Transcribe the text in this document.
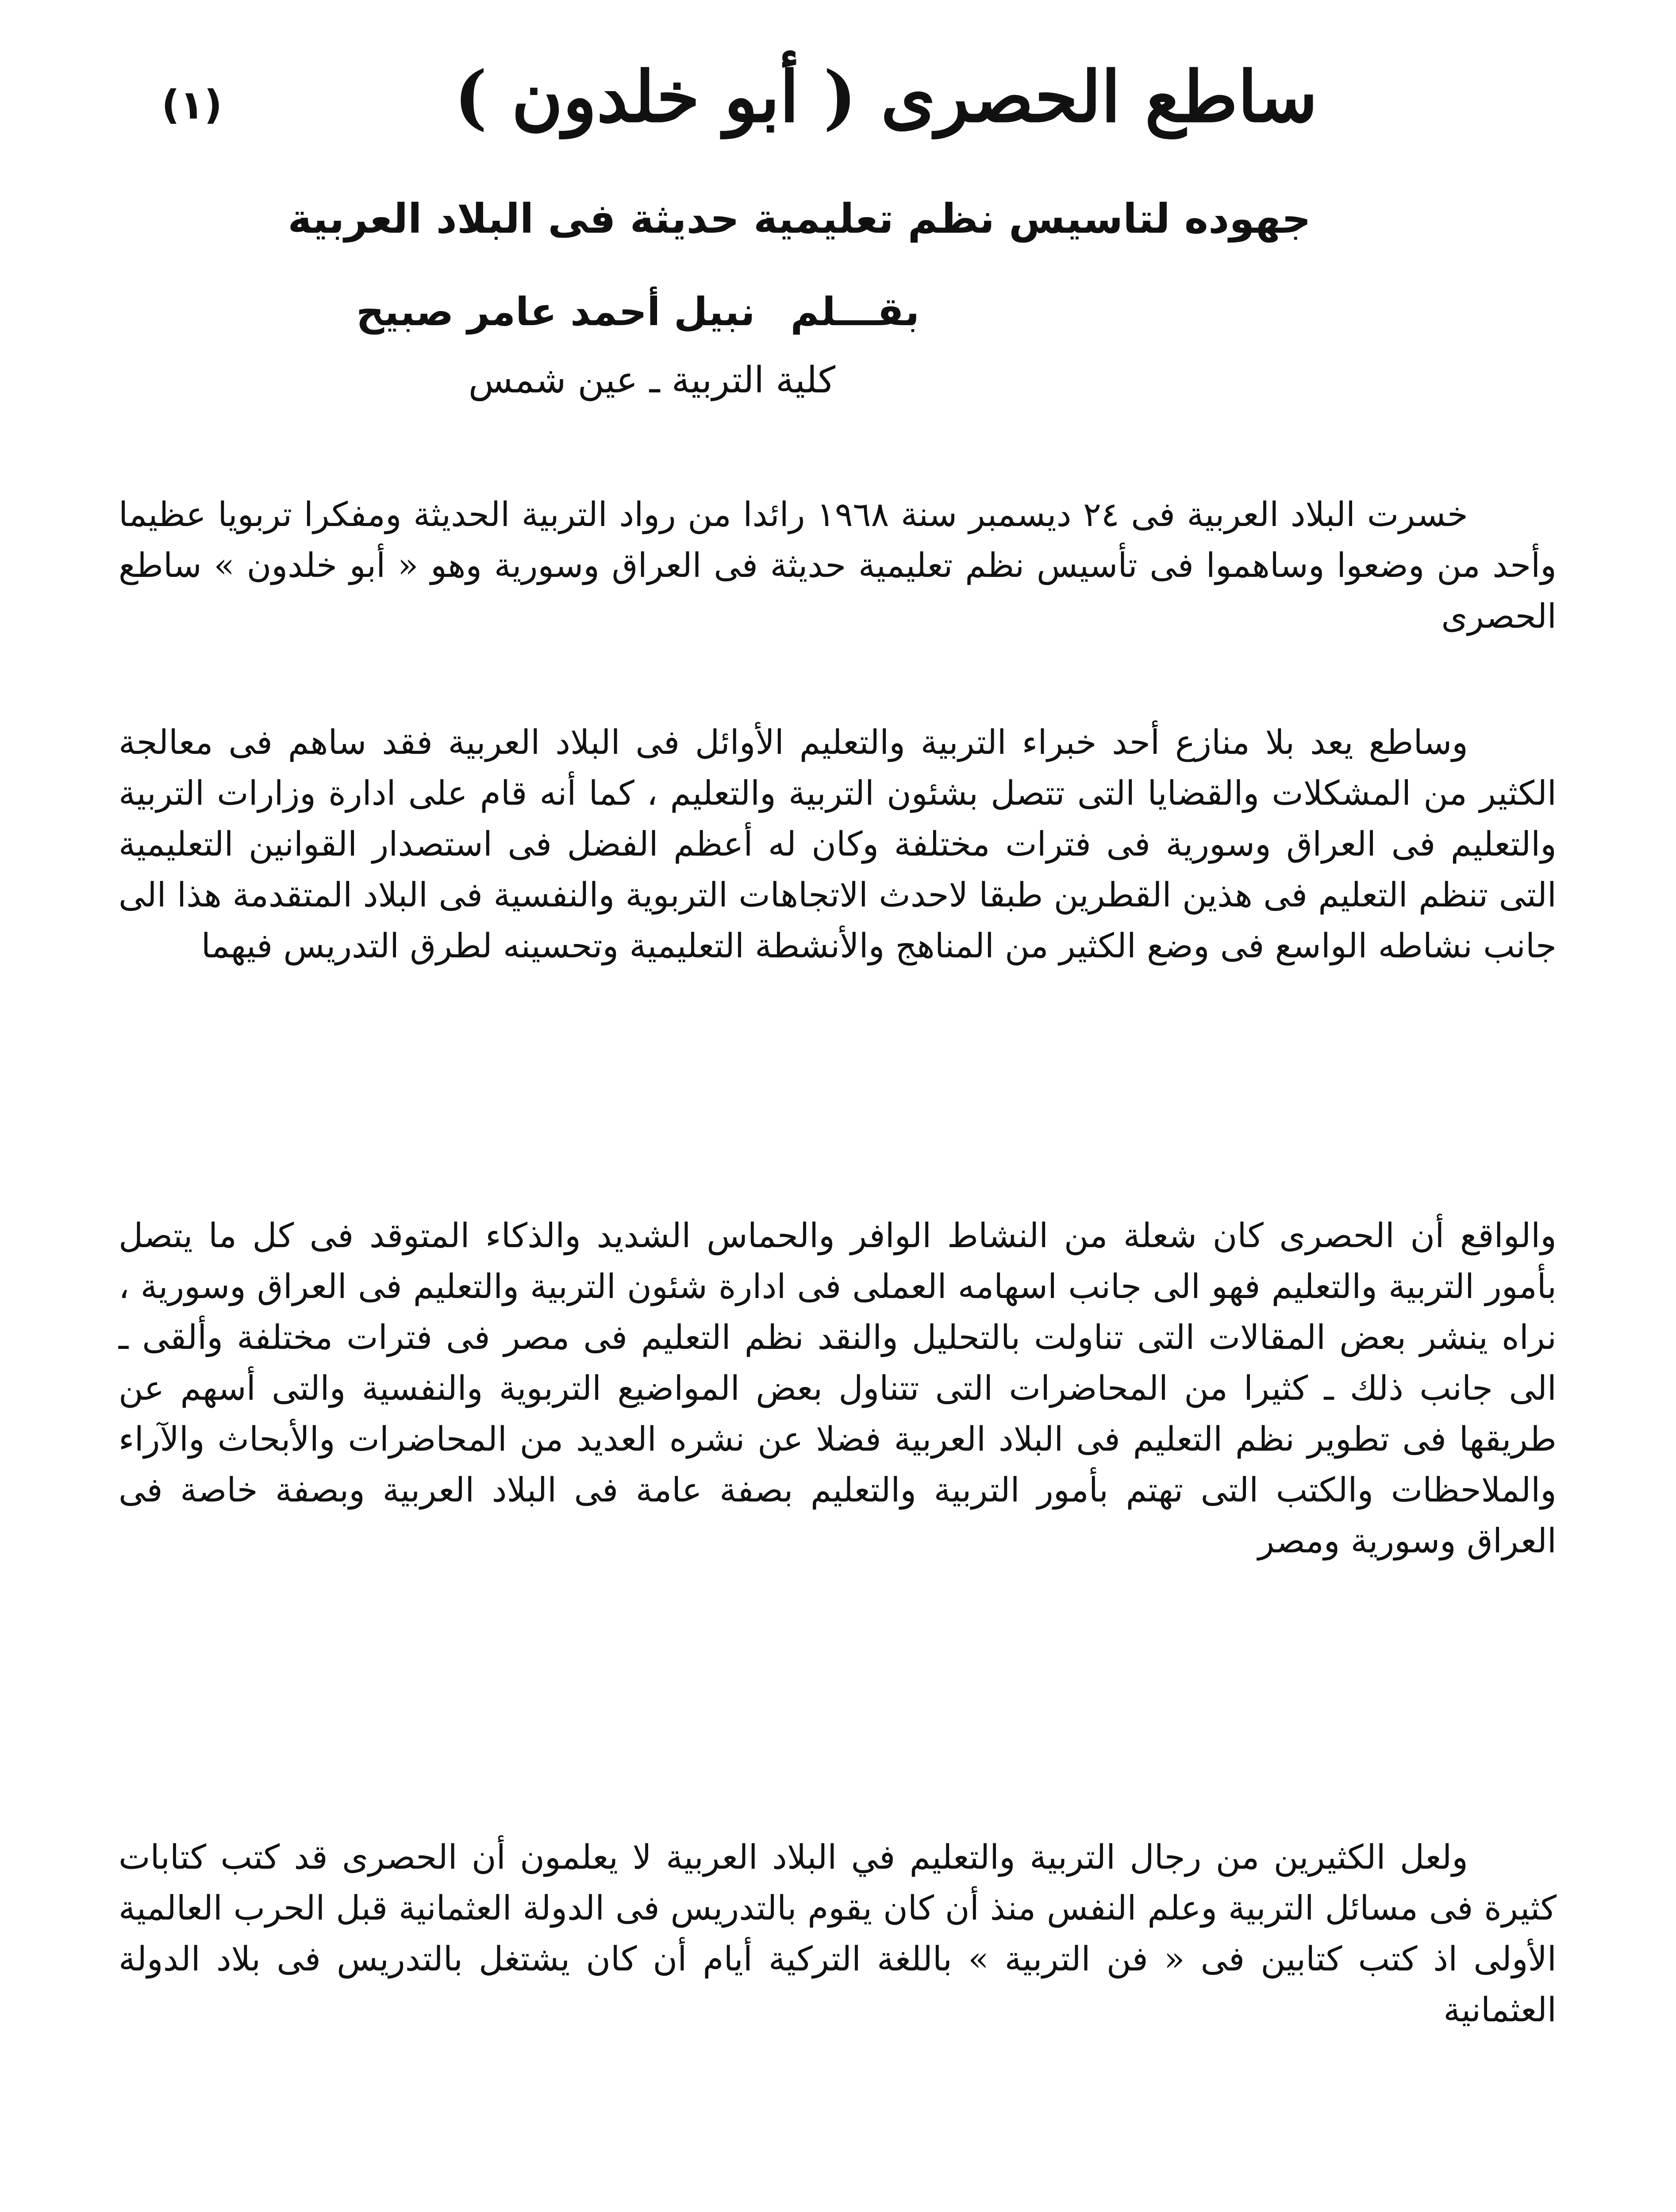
ساطع الحصرى ( أبو خلدون )
(١)
جهوده لتاسيس نظم تعليمية حديثة فى البلاد العربية
بقـــلمنبيل أحمد عامر صبيح
كلية التربية ـ عين شمس

خسرت البلاد العربية فى ٢٤ ديسمبر سنة ١٩٦٨ رائدا من رواد التربية الحديثة ومفكرا تربويا عظيما وأحد من وضعوا وساهموا فى تأسيس نظم تعليمية حديثة فى العراق وسورية وهو « أبو خلدون » ساطع الحصرى

وساطع يعد بلا منازع أحد خبراء التربية والتعليم الأوائل فى البلاد العربية فقد ساهم فى معالجة الكثير من المشكلات والقضايا التى تتصل بشئون التربية والتعليم ، كما أنه قام على ادارة وزارات التربية والتعليم فى العراق وسورية فى فترات مختلفة وكان له أعظم الفضل فى استصدار القوانين التعليمية التى تنظم التعليم فى هذين القطرين طبقا لاحدث الاتجاهات التربوية والنفسية فى البلاد المتقدمة هذا الى جانب نشاطه الواسع فى وضع الكثير من المناهج والأنشطة التعليمية وتحسينه لطرق التدريس فيهما

والواقع أن الحصرى كان شعلة من النشاط الوافر والحماس الشديد والذكاء المتوقد فى كل ما يتصل بأمور التربية والتعليم فهو الى جانب اسهامه العملى فى ادارة شئون التربية والتعليم فى العراق وسورية ، نراه ينشر بعض المقالات التى تناولت بالتحليل والنقد نظم التعليم فى مصر فى فترات مختلفة وألقى ـ الى جانب ذلك ـ كثيرا من المحاضرات التى تتناول بعض المواضيع التربوية والنفسية والتى أسهم عن طريقها فى تطوير نظم التعليم فى البلاد العربية فضلا عن نشره العديد من المحاضرات والأبحاث والآراء والملاحظات والكتب التى تهتم بأمور التربية والتعليم بصفة عامة فى البلاد العربية وبصفة خاصة فى العراق وسورية ومصر

ولعل الكثيرين من رجال التربية والتعليم في البلاد العربية لا يعلمون أن الحصرى قد كتب كتابات كثيرة فى مسائل التربية وعلم النفس منذ أن كان يقوم بالتدريس فى الدولة العثمانية قبل الحرب العالمية الأولى اذ كتب كتابين فى « فن التربية » باللغة التركية أيام أن كان يشتغل بالتدريس فى بلاد الدولة العثمانية
